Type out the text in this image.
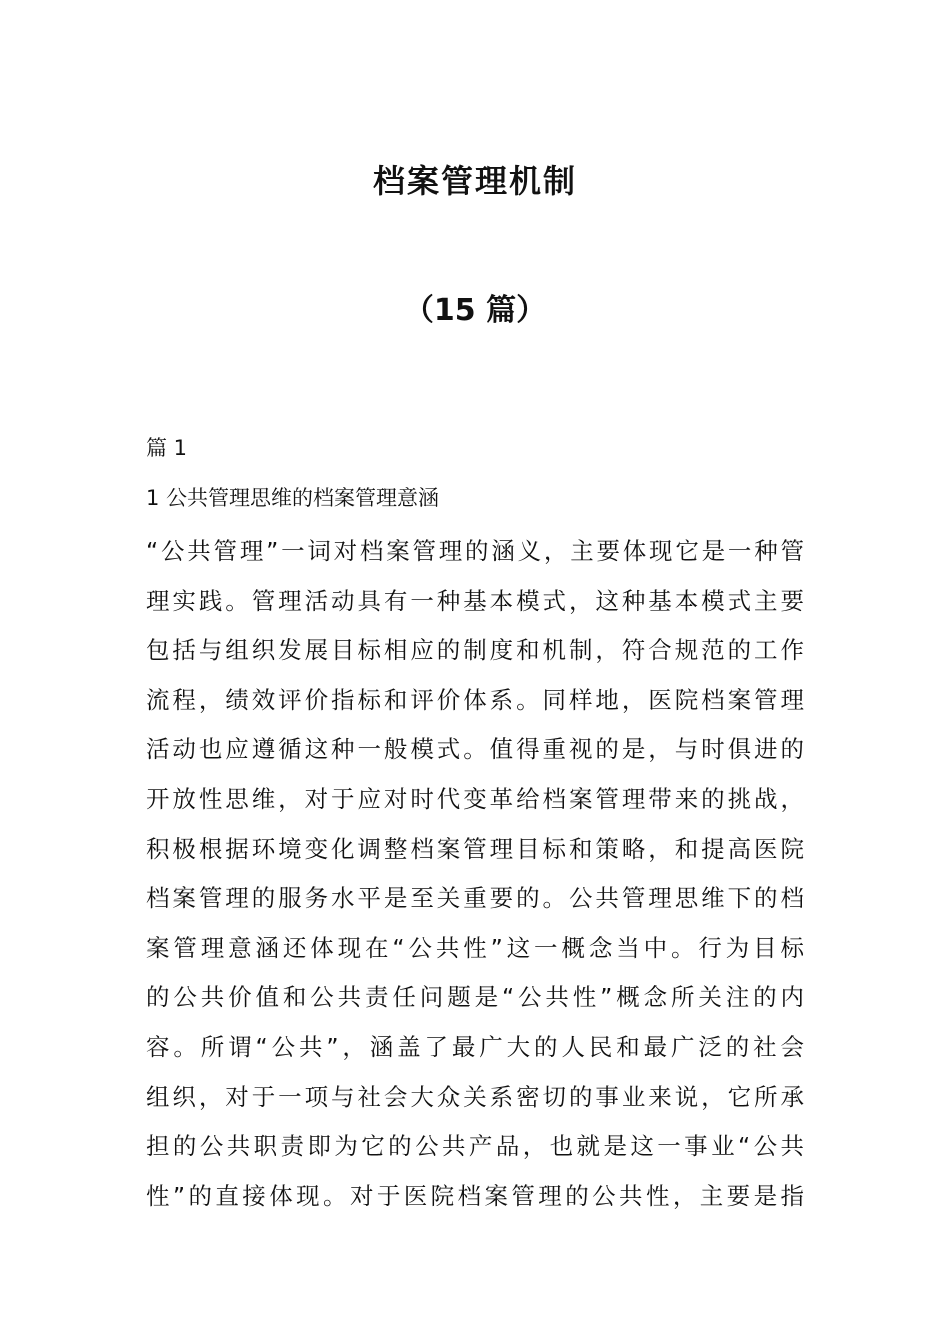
档案管理机制
（15 篇）

篇 1

1 公共管理思维的档案管理意涵

“公共管理”一词对档案管理的涵义，主要体现它是一种管
理实践。管理活动具有一种基本模式，这种基本模式主要
包括与组织发展目标相应的制度和机制，符合规范的工作
流程，绩效评价指标和评价体系。同样地，医院档案管理
活动也应遵循这种一般模式。值得重视的是，与时俱进的
开放性思维，对于应对时代变革给档案管理带来的挑战，
积极根据环境变化调整档案管理目标和策略，和提高医院
档案管理的服务水平是至关重要的。公共管理思维下的档
案管理意涵还体现在“公共性”这一概念当中。行为目标
的公共价值和公共责任问题是“公共性”概念所关注的内
容。所谓“公共”，涵盖了最广大的人民和最广泛的社会
组织，对于一项与社会大众关系密切的事业来说，它所承
担的公共职责即为它的公共产品，也就是这一事业“公共
性”的直接体现。对于医院档案管理的公共性，主要是指
